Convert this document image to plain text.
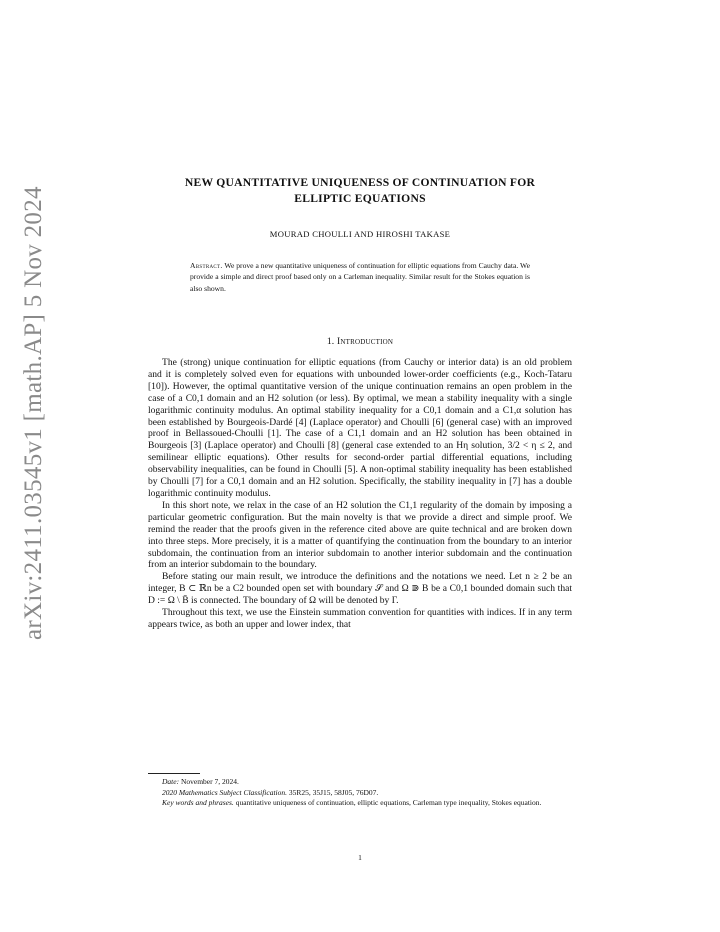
arXiv:2411.03545v1 [math.AP] 5 Nov 2024
NEW QUANTITATIVE UNIQUENESS OF CONTINUATION FOR
ELLIPTIC EQUATIONS
MOURAD CHOULLI AND HIROSHI TAKASE
Abstract. We prove a new quantitative uniqueness of continuation for elliptic equations from Cauchy data. We provide a simple and direct proof based only on a Carleman inequality. Similar result for the Stokes equation is also shown.
1. Introduction

The (strong) unique continuation for elliptic equations (from Cauchy or interior data) is an old problem and it is completely solved even for equations with unbounded lower-order coefficients (e.g., Koch-Tataru [10]). However, the optimal quantitative version of the unique continuation remains an open problem in the case of a C0,1 domain and an H2 solution (or less). By optimal, we mean a stability inequality with a single logarithmic continuity modulus. An optimal stability inequality for a C0,1 domain and a C1,α solution has been established by Bourgeois-Dardé [4] (Laplace operator) and Choulli [6] (general case) with an improved proof in Bellassoued-Choulli [1]. The case of a C1,1 domain and an H2 solution has been obtained in Bourgeois [3] (Laplace operator) and Choulli [8] (general case extended to an Hη solution, 3/2 < η ≤ 2, and semilinear elliptic equations). Other results for second-order partial differential equations, including observability inequalities, can be found in Choulli [5]. A non-optimal stability inequality has been established by Choulli [7] for a C0,1 domain and an H2 solution. Specifically, the stability inequality in [7] has a double logarithmic continuity modulus.

In this short note, we relax in the case of an H2 solution the C1,1 regularity of the domain by imposing a particular geometric configuration. But the main novelty is that we provide a direct and simple proof. We remind the reader that the proofs given in the reference cited above are quite technical and are broken down into three steps. More precisely, it is a matter of quantifying the continuation from the boundary to an interior subdomain, the continuation from an interior subdomain to another interior subdomain and the continuation from an interior subdomain to the boundary.

Before stating our main result, we introduce the definitions and the notations we need. Let n ≥ 2 be an integer, B ⊂ ℝn be a C2 bounded open set with boundary 𝒮 and Ω ⋑ B be a C0,1 bounded domain such that D := Ω \ B̄ is connected. The boundary of Ω will be denoted by Γ.

Throughout this text, we use the Einstein summation convention for quantities with indices. If in any term appears twice, as both an upper and lower index, that

Date: November 7, 2024.

2020 Mathematics Subject Classification. 35R25, 35J15, 58J05, 76D07.

Key words and phrases. quantitative uniqueness of continuation, elliptic equations, Carleman type inequality, Stokes equation.

1
